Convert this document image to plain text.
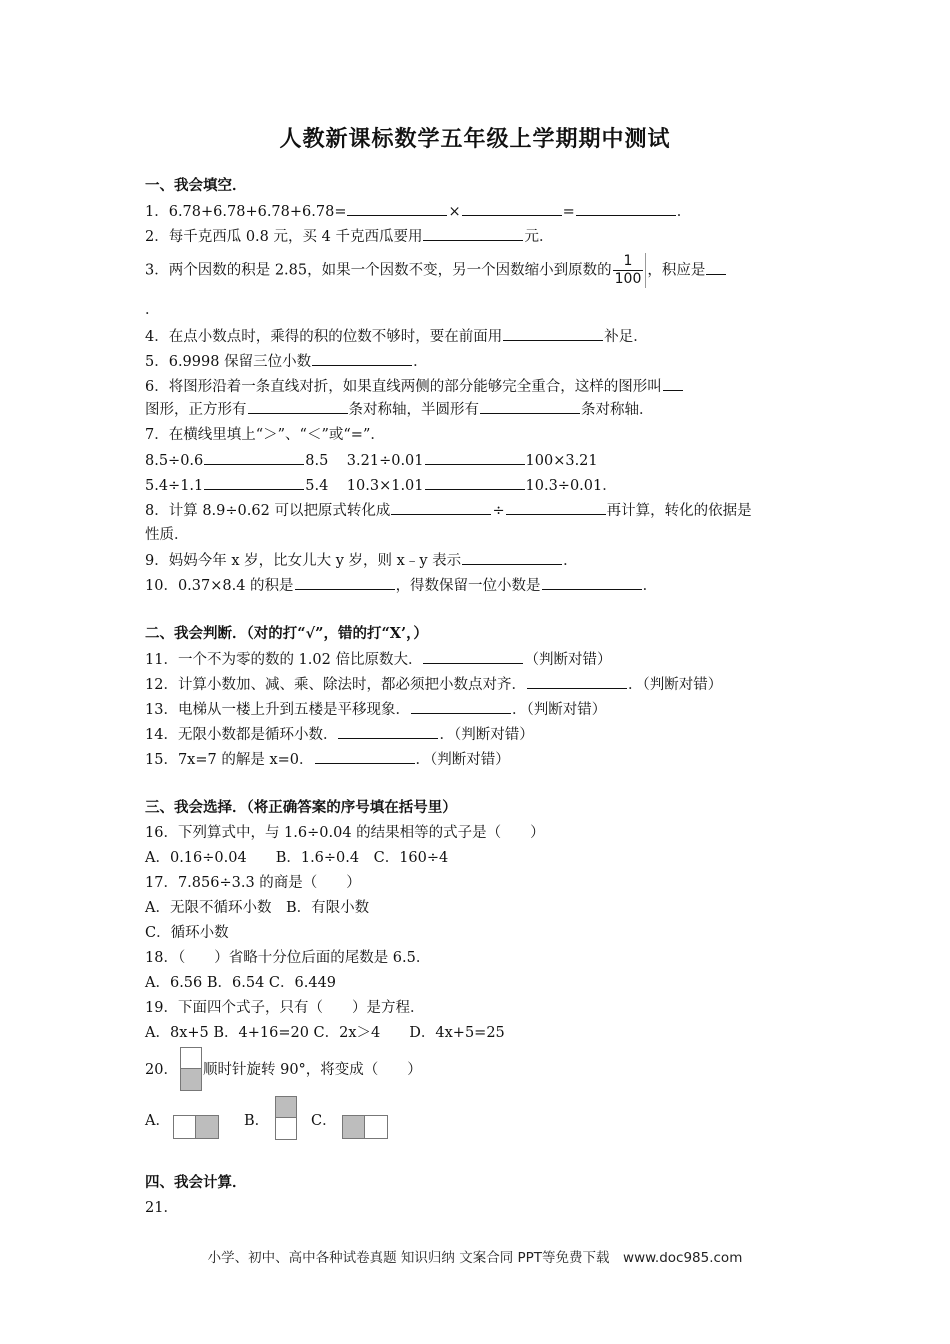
人教新课标数学五年级上学期期中测试
一、我会填空．
1．6.78+6.78+6.78+6.78=	×	=	．
2．每千克西瓜 0.8 元，买 4 千克西瓜要用	元．
3．两个因数的积是 2.85，如果一个因数不变，另一个因数缩小到原数的 $\frac{1}{100}$ ，积应是
．
4．在点小数点时，乘得的积的位数不够时，要在前面用	补足．
5．6.9998 保留三位小数	．
6．将图形沿着一条直线对折，如果直线两侧的部分能够完全重合，这样的图形叫
图形，正方形有	条对称轴，半圆形有	条对称轴．
7．在横线里填上“＞”、“＜”或“=”．
8.5÷0.6	8.5 3.21÷0.01	100×3.21
5.4÷1.1	5.4 10.3×1.01	10.3÷0.01．
8．计算 8.9÷0.62 可以把原式转化成	÷	再计算，转化的依据是
性质．
9．妈妈今年 x 岁，比女儿大 y 岁，则 x﹣y 表示	．
10．0.37×8.4 的积是	，得数保留一位小数是	．
二、我会判断．（对的打“√”，错的打“X’，）
11．一个不为零的数的 1.02 倍比原数大．	（判断对错）
12．计算小数加、减、乘、除法时，都必须把小数点对齐．	．（判断对错）
13．电梯从一楼上升到五楼是平移现象．	．（判断对错）
14．无限小数都是循环小数．	．（判断对错）
15．7x=7 的解是 x=0．	．（判断对错）
三、我会选择．（将正确答案的序号填在括号里）
16．下列算式中，与 1.6÷0.04 的结果相等的式子是（　　）
A．0.16÷0.04　　B．1.6÷0.4　C．160÷4
17．7.856÷3.3 的商是（　　）
A．无限不循环小数　B．有限小数
C．循环小数
18．（　　）省略十分位后面的尾数是 6.5．
A．6.56 B．6.54 C．6.449
19．下面四个式子，只有（　　）是方程．
A．8x+5 B．4+16=20 C．2x＞4　　D．4x+5=25
20． 顺时针旋转 90°，将变成（　　）
A．	B．	C．
四、我会计算．
21．
小学、初中、高中各种试卷真题 知识归纳 文案合同 PPT等免费下载　www.doc985.com
